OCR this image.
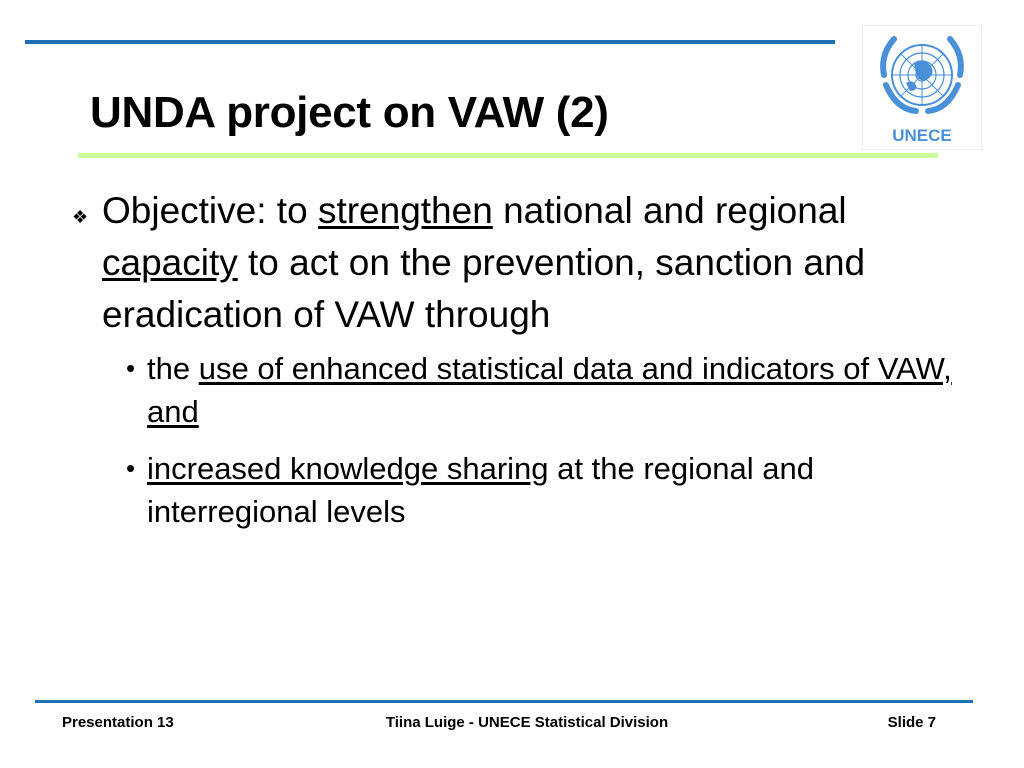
UNDA project on VAW (2)	UNECE
❖ Objective: to strengthen national and regional capacity to act on the prevention, sanction and eradication of VAW through
• the use of enhanced statistical data and indicators of VAW, and
• increased knowledge sharing at the regional and interregional levels
Presentation 13	Tiina Luige - UNECE Statistical Division	Slide 7
